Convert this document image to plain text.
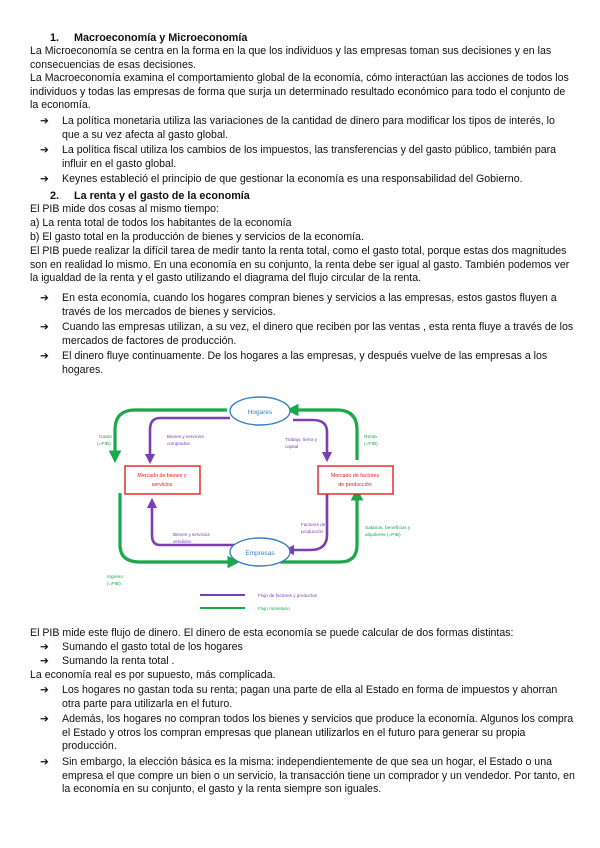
1. Macroeconomía y Microeconomía

La Microeconomía se centra en la forma en la que los individuos y las empresas toman sus decisiones y en las consecuencias de esas decisiones.

La Macroeconomía examina el comportamiento global de la economía, cómo interactúan las acciones de todos los individuos y todas las empresas de forma que surja un determinado resultado económico para todo el conjunto de la economía.

➔	La política monetaria utiliza las variaciones de la cantidad de dinero para modificar los tipos de interés, lo que a su vez afecta al gasto global.
➔	La política fiscal utiliza los cambios de los impuestos, las transferencias y del gasto público, también para influir en el gasto global.
➔	Keynes estableció el principio de que gestionar la economía es una responsabilidad del Gobierno.
2. La renta y el gasto de la economía

El PIB mide dos cosas al mismo tiempo:

a) La renta total de todos los habitantes de la economía

b) El gasto total en la producción de bienes y servicios de la economía.

El PIB puede realizar la difícil tarea de medir tanto la renta total, como el gasto total, porque estas dos magnitudes son en realidad lo mismo. En una economía en su conjunto, la renta debe ser igual al gasto. También podemos ver la igualdad de la renta y el gasto utilizando el diagrama del flujo circular de la renta.

➔	En esta economía, cuando los hogares compran bienes y servicios a las empresas, estos gastos fluyen a través de los mercados de bienes y servicios.
➔	Cuando las empresas utilizan, a su vez, el dinero que reciben por las ventas , esta renta fluye a través de los mercados de factores de producción.
➔	El dinero fluye continuamente. De los hogares a las empresas, y después vuelve de las empresas a los hogares.
Hogares
Empresas
Mercado de bienes y
servicios
Mercado de factores
de producción
Gasto
(=PIB)
Renta
(=PIB)
Ingreso
(=PIB)
Salarios, beneficios y
alquileres (=PIB)
Bienes y servicios
comprados
Trabajo, tierra y
capital
Factores de
producción
Bienes y servicios
vendidos
Flujo de factores y productos
Flujo monetario

El PIB mide este flujo de dinero. El dinero de esta economía se puede calcular de dos formas distintas:

➔	Sumando el gasto total de los hogares
➔	Sumando la renta total .

La economía real es por supuesto, más complicada.

➔	Los hogares no gastan toda su renta; pagan una parte de ella al Estado en forma de impuestos y ahorran otra parte para utilizarla en el futuro.
➔	Además, los hogares no compran todos los bienes y servicios que produce la economía. Algunos los compra el Estado y otros los compran empresas que planean utilizarlos en el futuro para generar su propia producción.
➔	Sin embargo, la elección básica es la misma: independientemente de que sea un hogar, el Estado o una empresa el que compre un bien o un servicio, la transacción tiene un comprador y un vendedor. Por tanto, en la economía en su conjunto, el gasto y la renta siempre son iguales.
